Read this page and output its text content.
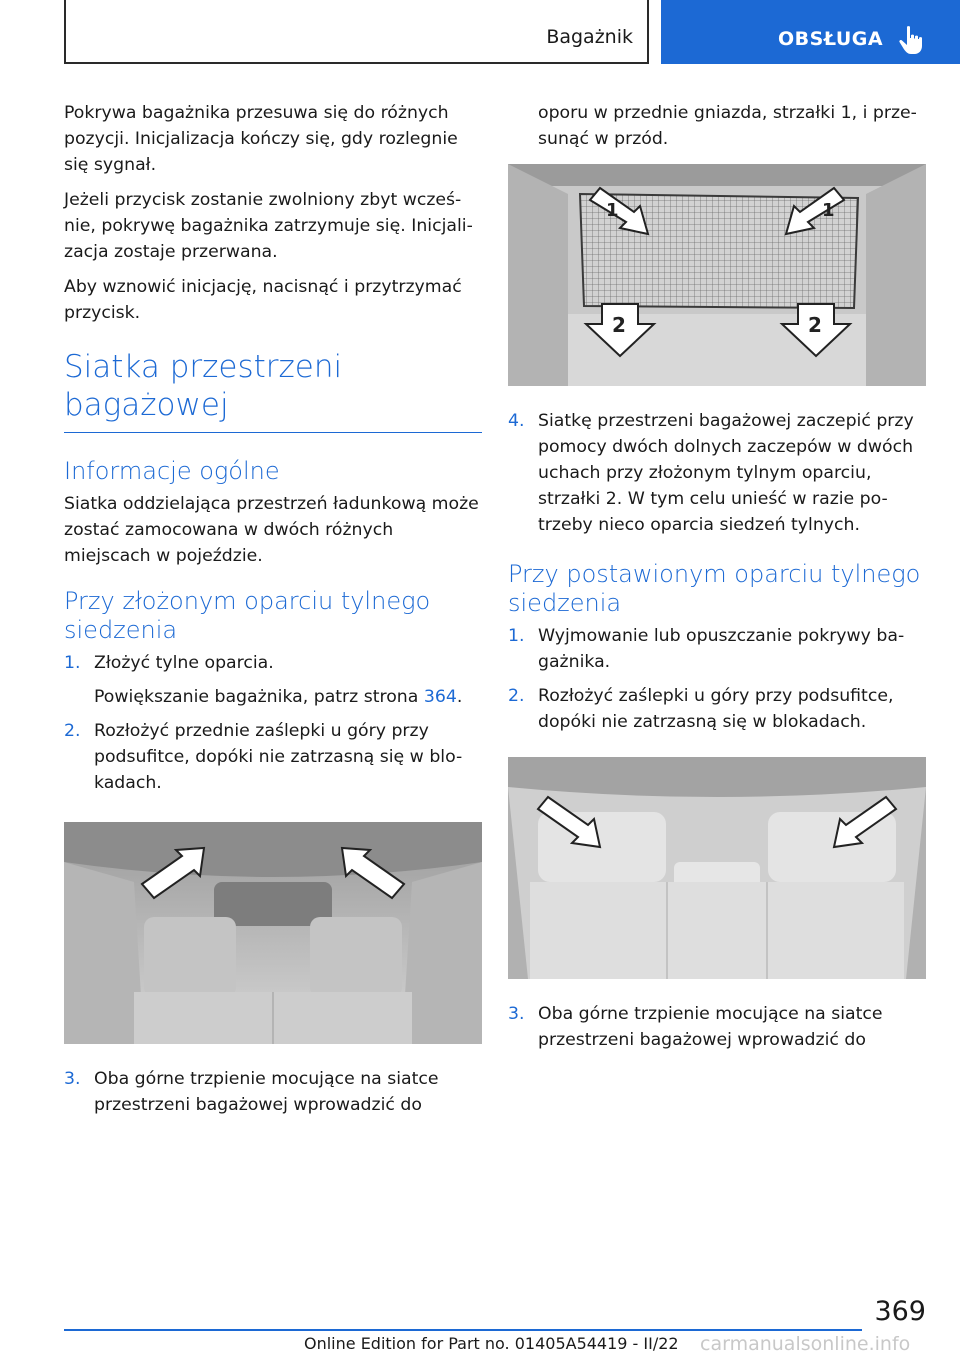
Bagażnik	OBSŁUGA

Pokrywa bagażnika przesuwa się do różnych pozycji. Inicjalizacja kończy się, gdy rozlegnie się sygnał.

Jeżeli przycisk zostanie zwolniony zbyt wcześ-nie, pokrywę bagażnika zatrzymuje się. Inicjali-zacja zostaje przerwana.

Aby wznowić inicjację, nacisnąć i przytrzymać przycisk.

Siatka przestrzeni bagażowej
Informacje ogólne

Siatka oddzielająca przestrzeń ładunkową może zostać zamocowana w dwóch różnych miejscach w pojeździe.

Przy złożonym oparciu tylnego siedzenia
1. Złożyć tylne oparcia.
Powiększanie bagażnika, patrz strona 364.
2. Rozłożyć przednie zaślepki u góry przy podsufitce, dopóki nie zatrzasną się w blo-kadach.
3. Oba górne trzpienie mocujące na siatce przestrzeni bagażowej wprowadzić do

oporu w przednie gniazda, strzałki 1, i prze-sunąć w przód.

1	1
2	2
4. Siatkę przestrzeni bagażowej zaczepić przy pomocy dwóch dolnych zaczepów w dwóch uchach przy złożonym tylnym oparciu, strzałki 2. W tym celu unieść w razie po-trzeby nieco oparcia siedzeń tylnych.
Przy postawionym oparciu tylnego siedzenia
1. Wyjmowanie lub opuszczanie pokrywy ba-gażnika.
2. Rozłożyć zaślepki u góry przy podsufitce, dopóki nie zatrzasną się w blokadach.
3. Oba górne trzpienie mocujące na siatce przestrzeni bagażowej wprowadzić do
369
Online Edition for Part no. 01405A54419 - II/22 carmanualsonline.info
